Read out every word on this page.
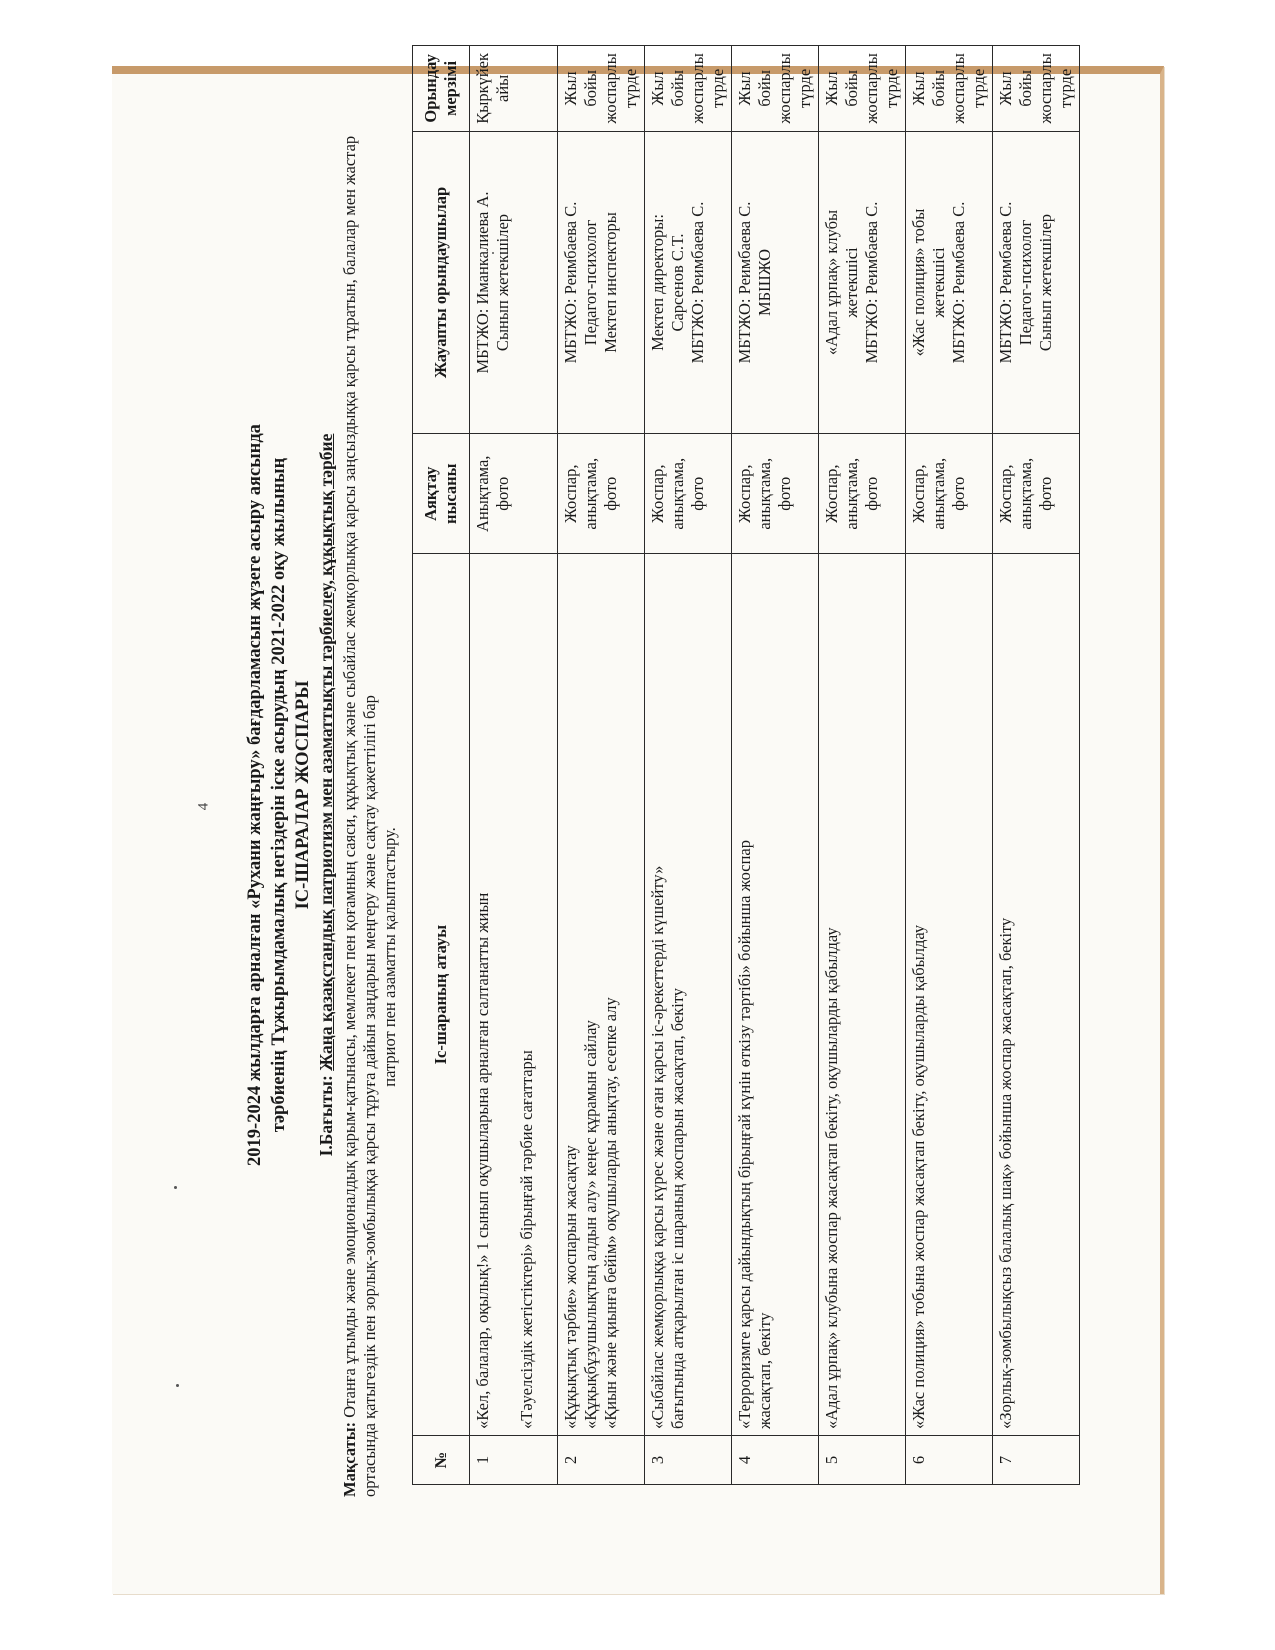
4 2019-2024 жылдарға арналған «Рухани жаңғыру» бағдарламасын жүзеге асыру аясында тәрбиенің Тұжырымдамалық негіздерін іске асырудың 2021-2022 оқу жылының ІС-ШАРАЛАР ЖОСПАРЫ
I.Бағыты: Жаңа қазақстандық патриотизм мен азаматтықты тәрбиелеу, құқықтық тәрбие
Мақсаты: Отанға ұтымды және эмоционалдық қарым-қатынасы, мемлекет пен қоғамның саяси, құқықтық және сыбайлас жемқорлыққа қарсы заңсыздыққа қарсы тұратын, балалар мен жастар ортасында қатыгездік пен зорлық-зомбылыққа қарсы тұруға дайын заңдарын меңгеру және сақтау қажеттілігі бар патриот пен азаматты қалыптастыру.
№	Іс-шараның атауы	Аяқтау нысаны	Жауапты орындаушылар	Орындау мерзімі
1	«Кел, балалар, оқылық!» 1 сынып оқушыларына арналған салтанатты жиын «Тәуелсіздік жетістіктері» бірыңғай тәрбие сағаттары	Анықтама, фото	МБТЖО: Иманкалиева А. Сынып жетекшілер	Қыркүйек айы
2	«Құқықтық тәрбие» жоспарын жасақтау «Құқықбұзушылықтың алдын алу» кеңес құрамын сайлау «Қиын және қиынға бейім» оқушыларды анықтау, есепке алу	Жоспар, анықтама, фото	МБТЖО: Реимбаева С. Педагог-психолог Мектеп инспекторы	Жыл бойы жоспарлы түрде
3	«Сыбайлас жемқорлыққа қарсы күрес және оған қарсы іс-әрекеттерді күшейту» бағытында атқарылған іс шараның жоспарын жасақтап, бекіту	Жоспар, анықтама, фото	Мектеп директоры: Сарсенов С.Т. МБТЖО: Реимбаева С.	Жыл бойы жоспарлы түрде
4	«Терроризмге қарсы дайындықтың бірыңғай күнін өткізу тәртібі» бойынша жоспар жасақтап, бекіту	Жоспар, анықтама, фото	МБТЖО: Реимбаева С. МБШЖО	Жыл бойы жоспарлы түрде
5	«Адал ұрпақ» клубына жоспар жасақтап бекіту, оқушыларды қабылдау	Жоспар, анықтама, фото	«Адал ұрпақ» клубы жетекшісі МБТЖО: Реимбаева С.	Жыл бойы жоспарлы түрде
6	«Жас полиция» тобына жоспар жасақтап бекіту, оқушыларды қабылдау	Жоспар, анықтама, фото	«Жас полиция» тобы жетекшісі МБТЖО: Реимбаева С.	Жыл бойы жоспарлы түрде
7	«Зорлық-зомбылықсыз балалық шақ» бойынша жоспар жасақтап, бекіту	Жоспар, анықтама, фото	МБТЖО: Реимбаева С. Педагог-психолог Сынып жетекшілер	Жыл бойы жоспарлы түрде
